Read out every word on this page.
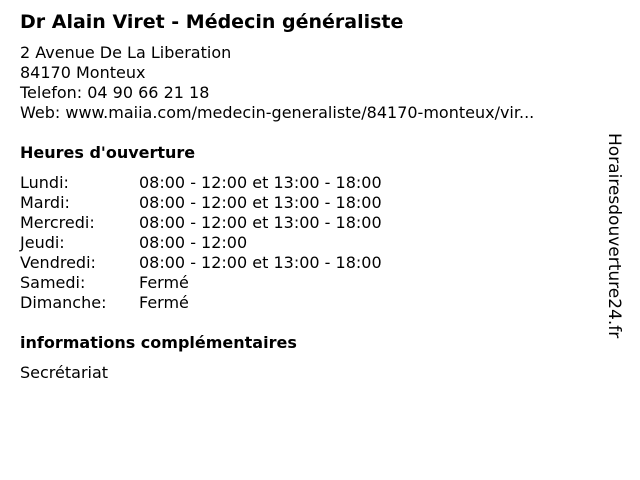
Dr Alain Viret - Médecin généraliste
2 Avenue De La Liberation
84170 Monteux
Telefon: 04 90 66 21 18
Web: www.maiia.com/medecin-generaliste/84170-monteux/vir...
Heures d'ouverture
Lundi:	08:00 - 12:00 et 13:00 - 18:00
Mardi:	08:00 - 12:00 et 13:00 - 18:00
Mercredi:	08:00 - 12:00 et 13:00 - 18:00
Jeudi:	08:00 - 12:00
Vendredi:	08:00 - 12:00 et 13:00 - 18:00
Samedi:	Fermé
Dimanche:	Fermé
informations complémentaires
Secrétariat
Horairesdouverture24.fr
